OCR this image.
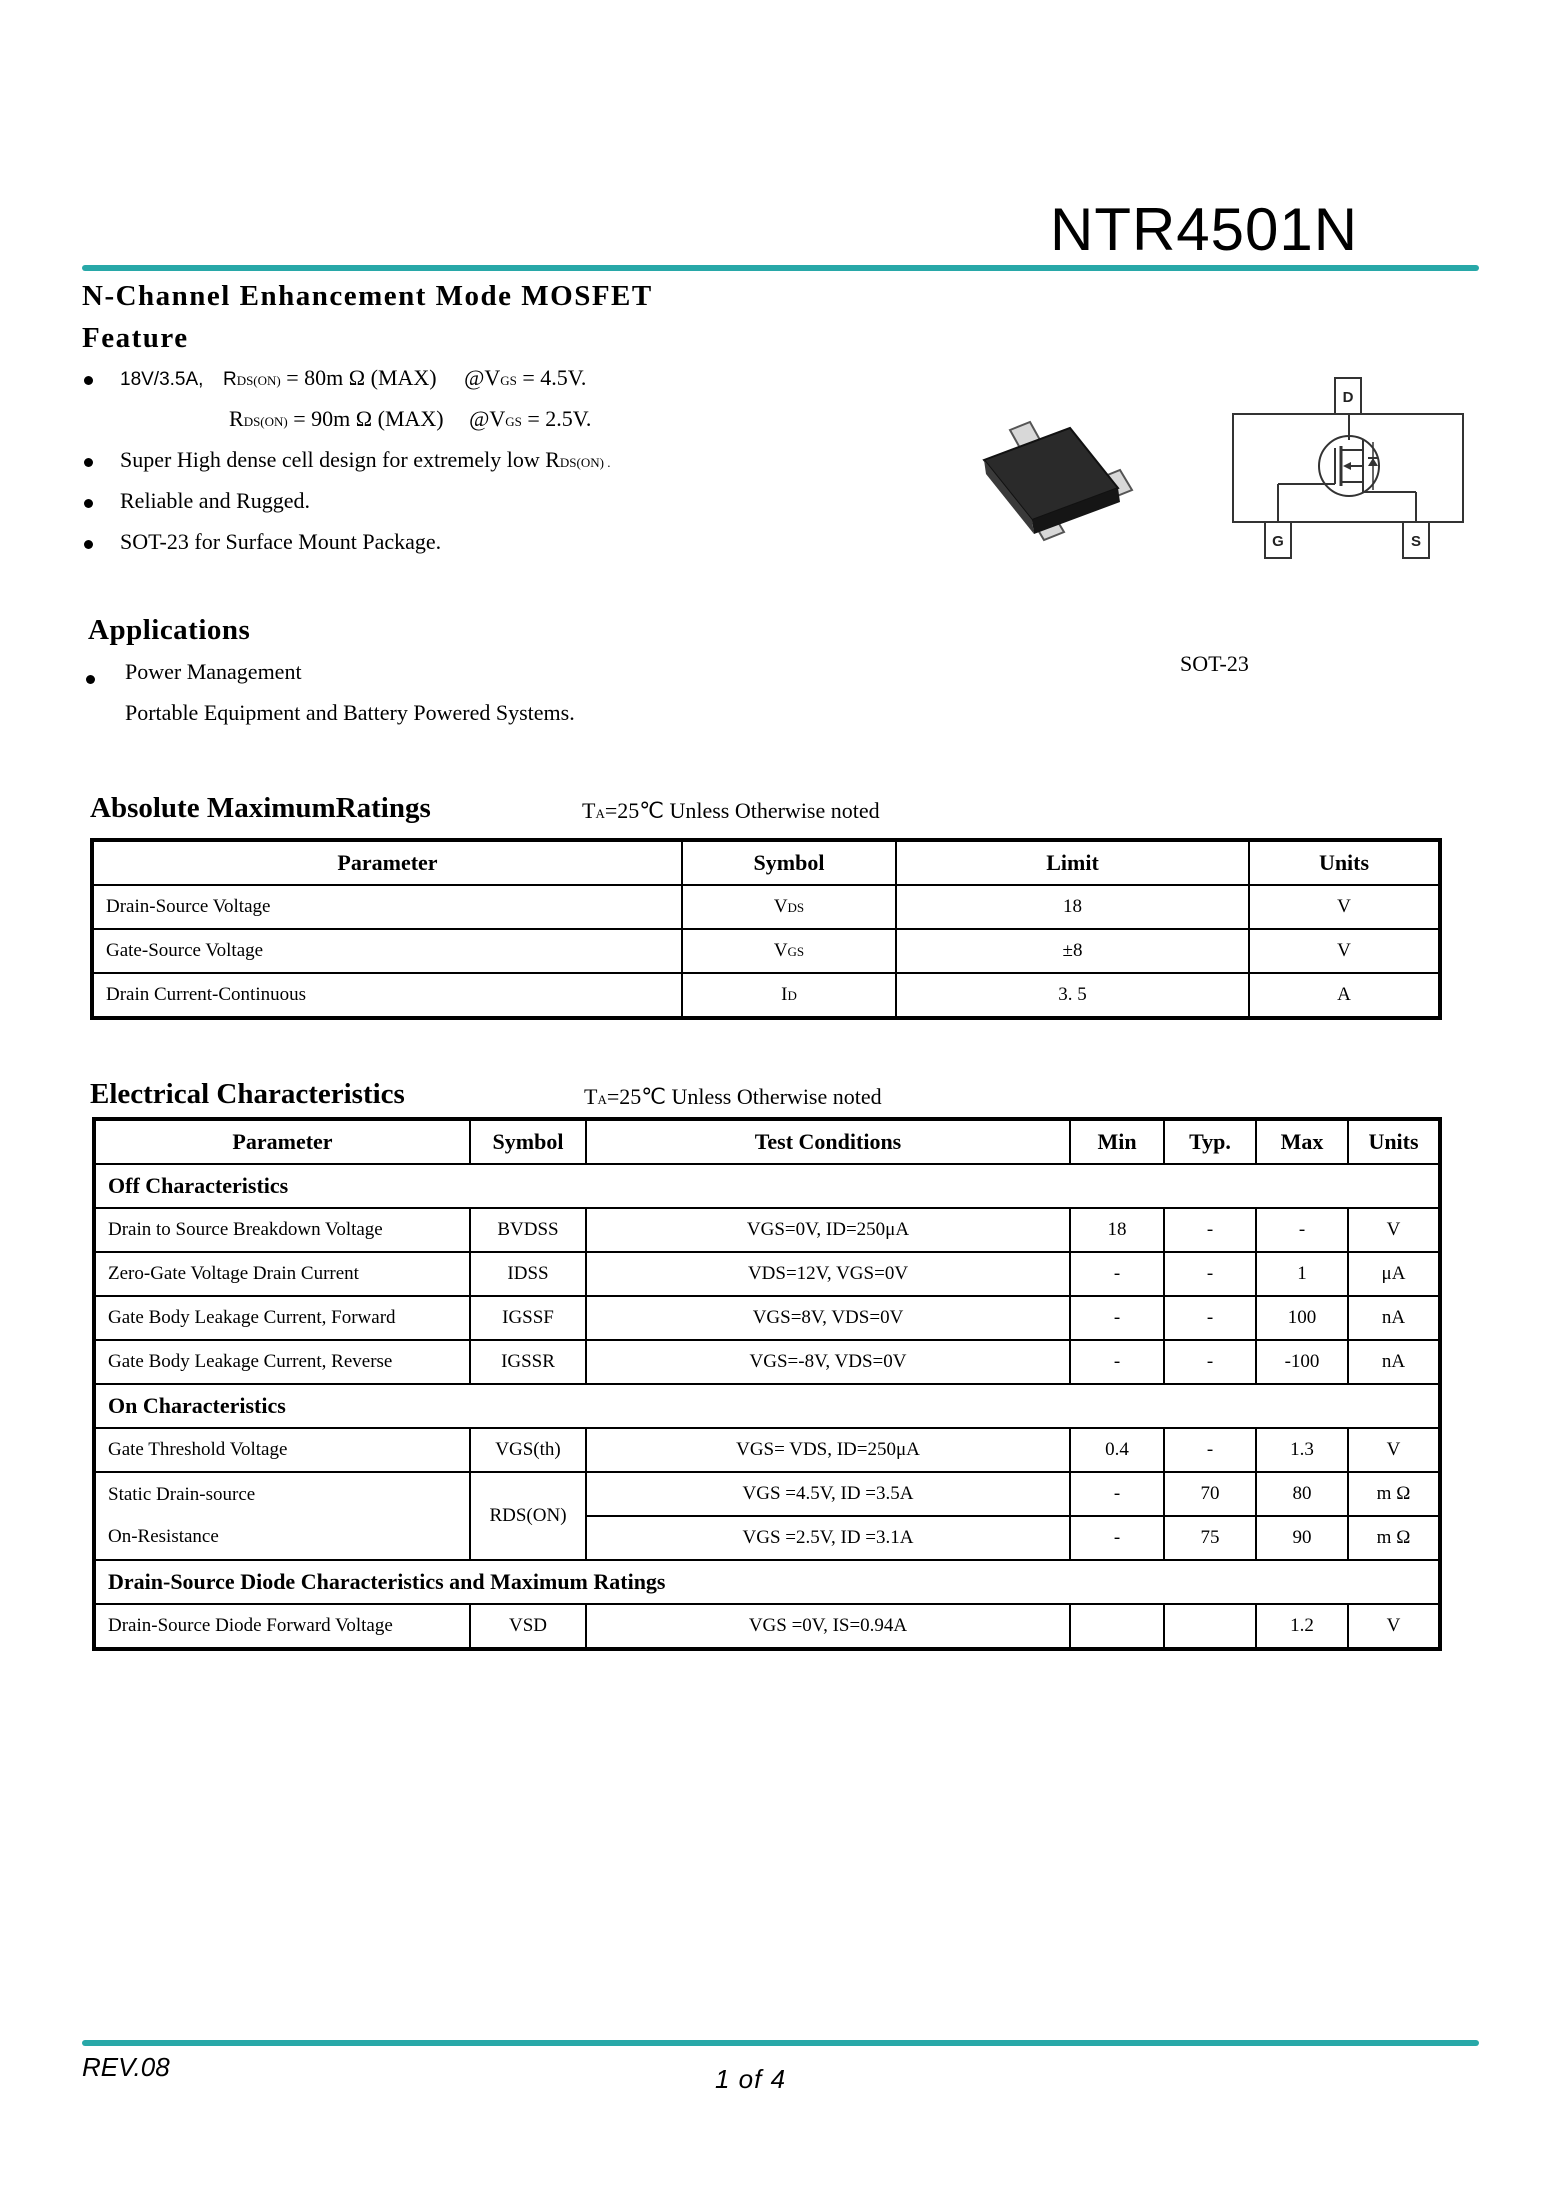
NTR4501N
N-Channel Enhancement Mode MOSFET
Feature
18V/3.5A, RDS(ON) = 80m Ω (MAX) @VGS = 4.5V.
RDS(ON) = 90m Ω (MAX) @VGS = 2.5V.
Super High dense cell design for extremely low RDS(ON) .
Reliable and Rugged.
SOT-23 for Surface Mount Package.
D
G	S
Applications
Power Management
Portable Equipment and Battery Powered Systems.
SOT-23
Absolute MaximumRatings	TA=25℃ Unless Otherwise noted
Parameter	Symbol	Limit	Units
Drain-Source Voltage	VDS	18	V
Gate-Source Voltage	VGS	±8	V
Drain Current-Continuous	ID	3. 5	A
Electrical Characteristics	TA=25℃ Unless Otherwise noted
Parameter	Symbol	Test Conditions	Min	Typ.	Max	Units
Off Characteristics						
Drain to Source Breakdown Voltage	BVDSS	VGS=0V, ID=250μA	18	-	-	V
Zero-Gate Voltage Drain Current	IDSS	VDS=12V, VGS=0V	-	-	1	μA
Gate Body Leakage Current, Forward	IGSSF	VGS=8V, VDS=0V	-	-	100	nA
Gate Body Leakage Current, Reverse	IGSSR	VGS=-8V, VDS=0V	-	-	-100	nA
On Characteristics						
Gate Threshold Voltage	VGS(th)	VGS= VDS, ID=250μA	0.4	-	1.3	V

Static Drain-source
On-Resistance	RDS(ON)	VGS =4.5V, ID =3.5A	-	70	80	m Ω
		VGS =2.5V, ID =3.1A	-	75	90	m Ω
Drain-Source Diode Characteristics and Maximum Ratings						
Drain-Source Diode Forward Voltage	VSD	VGS =0V, IS=0.94A			1.2	V
REV.08	1 of 4
